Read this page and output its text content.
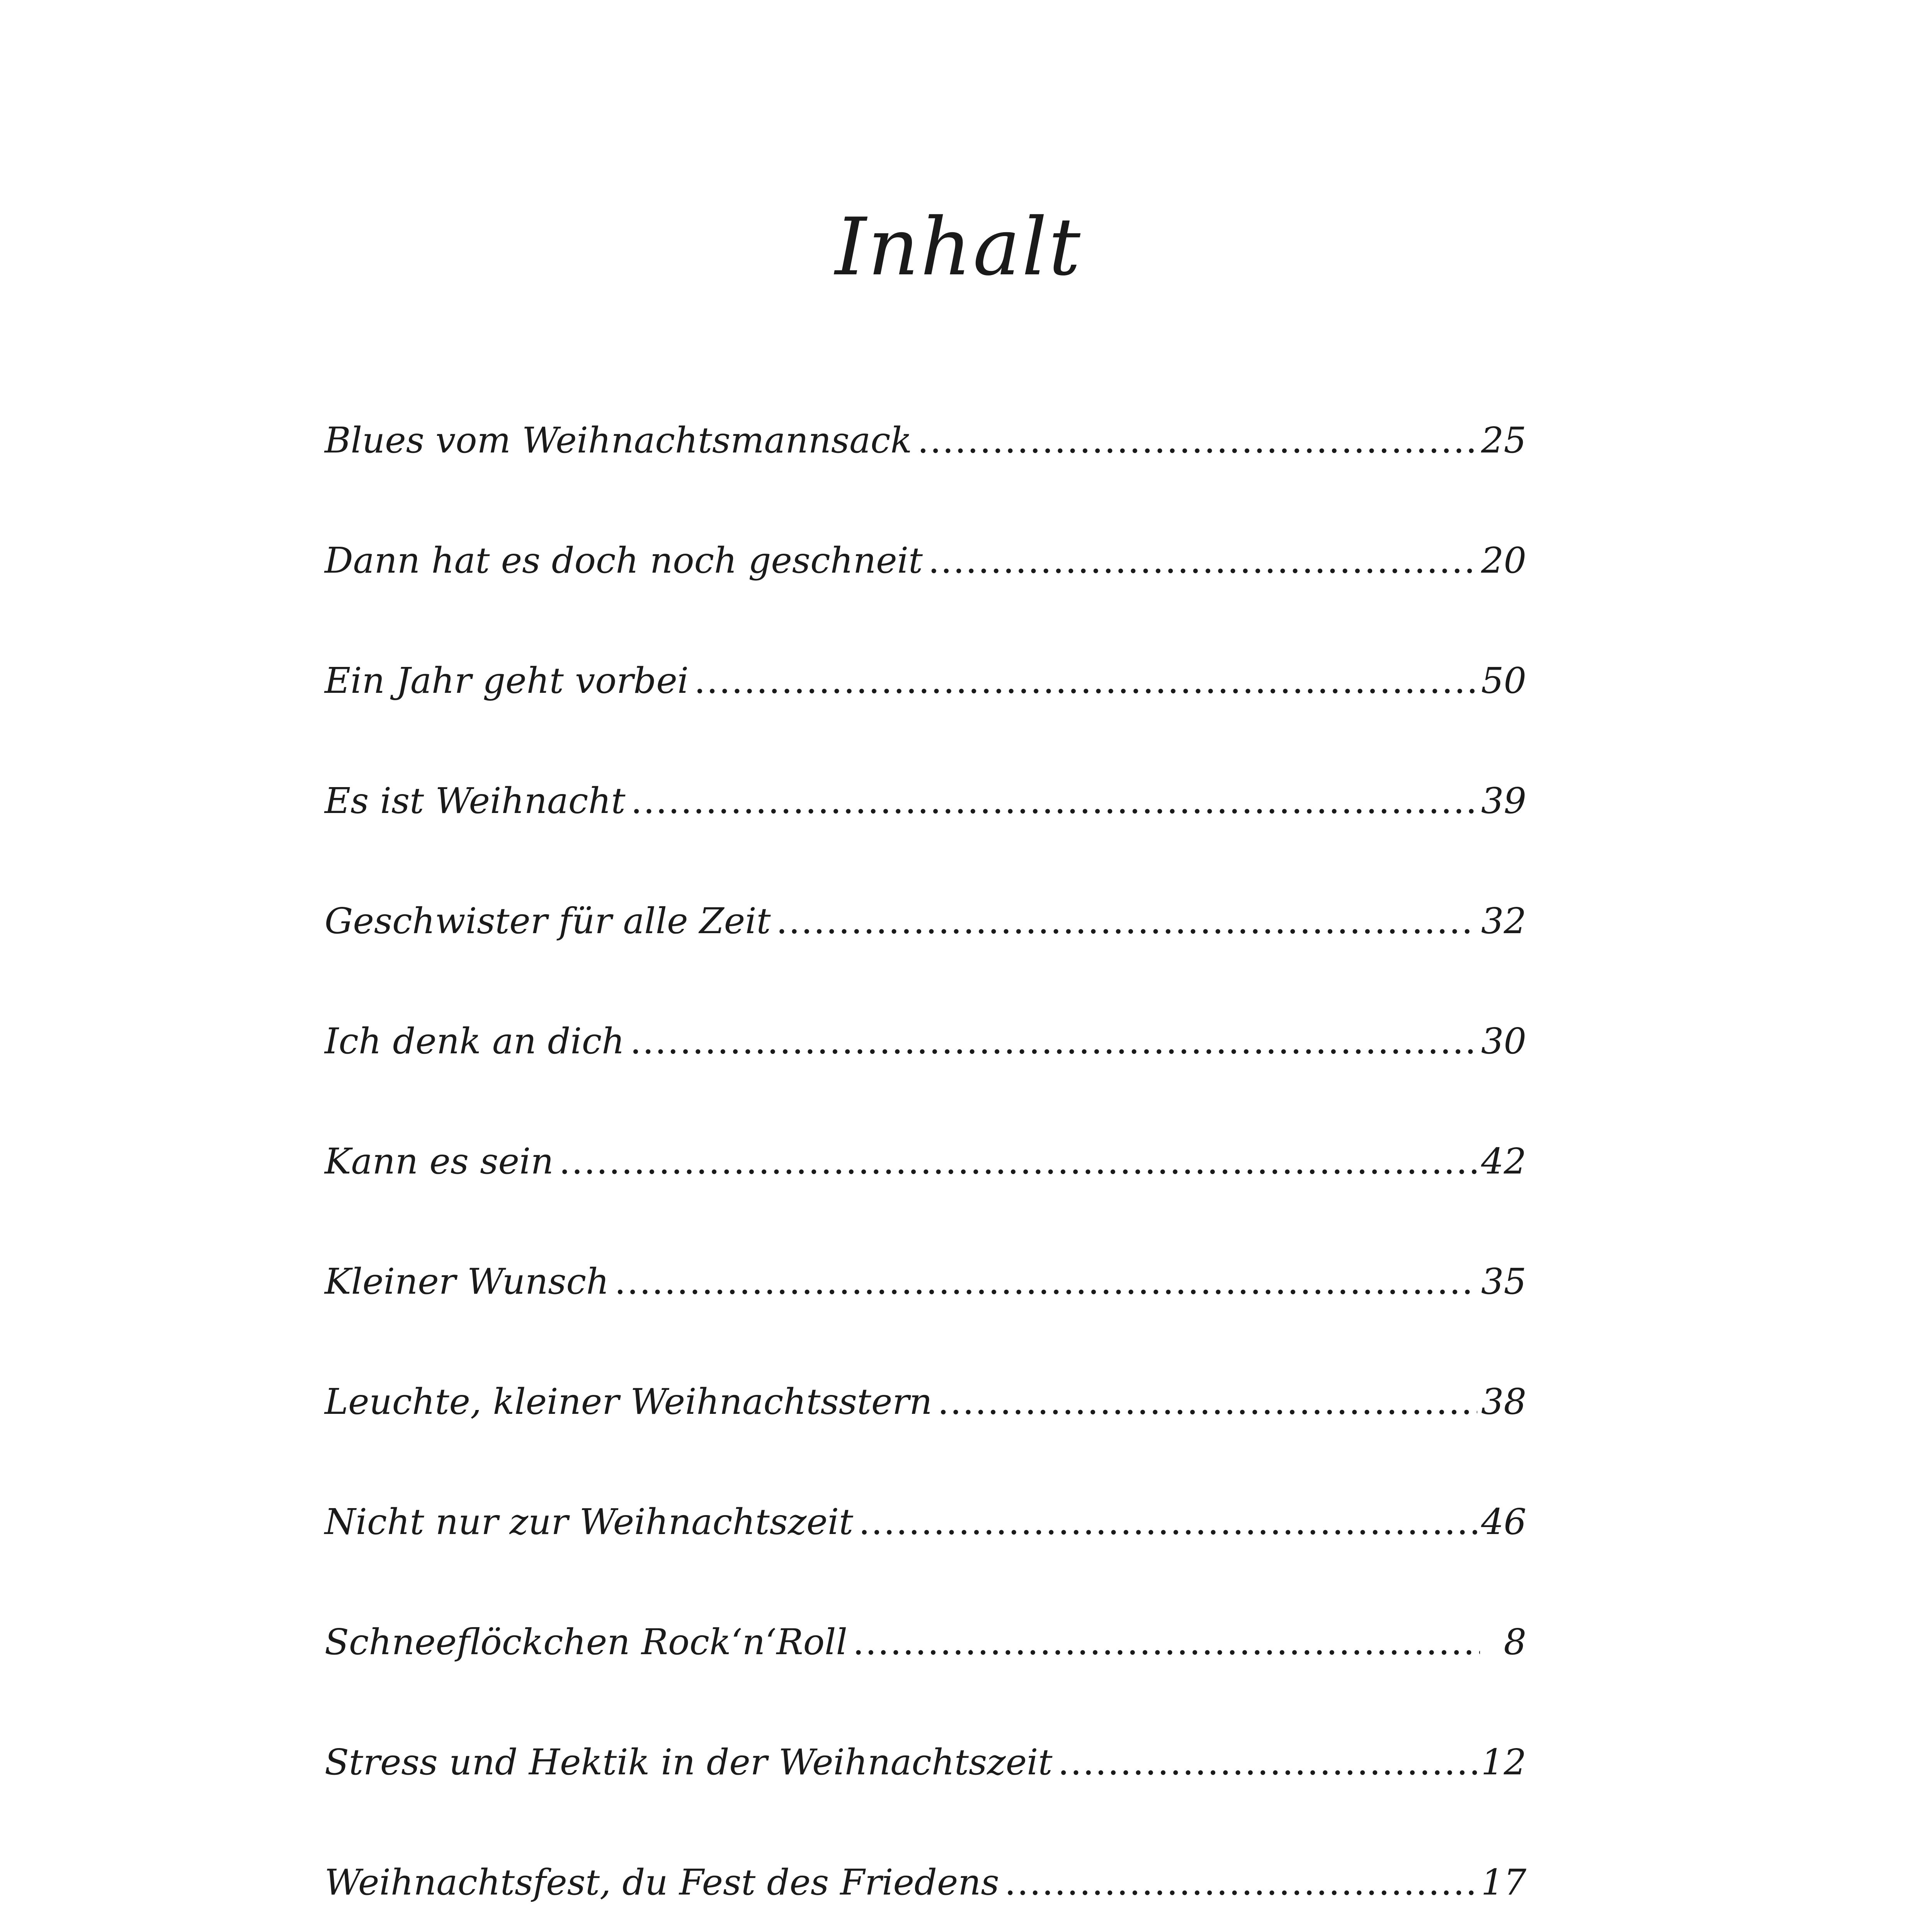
Inhalt
Blues vom Weihnachtsmannsack .....	25
Dann hat es doch noch geschneit .....	20
Ein Jahr geht vorbei .....	50
Es ist Weihnacht .....	39
Geschwister für alle Zeit .....	32
Ich denk an dich .....	30
Kann es sein .....	42
Kleiner Wunsch .....	35
Leuchte, kleiner Weihnachtsstern .....	38
Nicht nur zur Weihnachtszeit .....	46
Schneeflöckchen Rock‘n‘Roll .....	8
Stress und Hektik in der Weihnachtszeit .....	12
Weihnachtsfest, du Fest des Friedens .....	17
